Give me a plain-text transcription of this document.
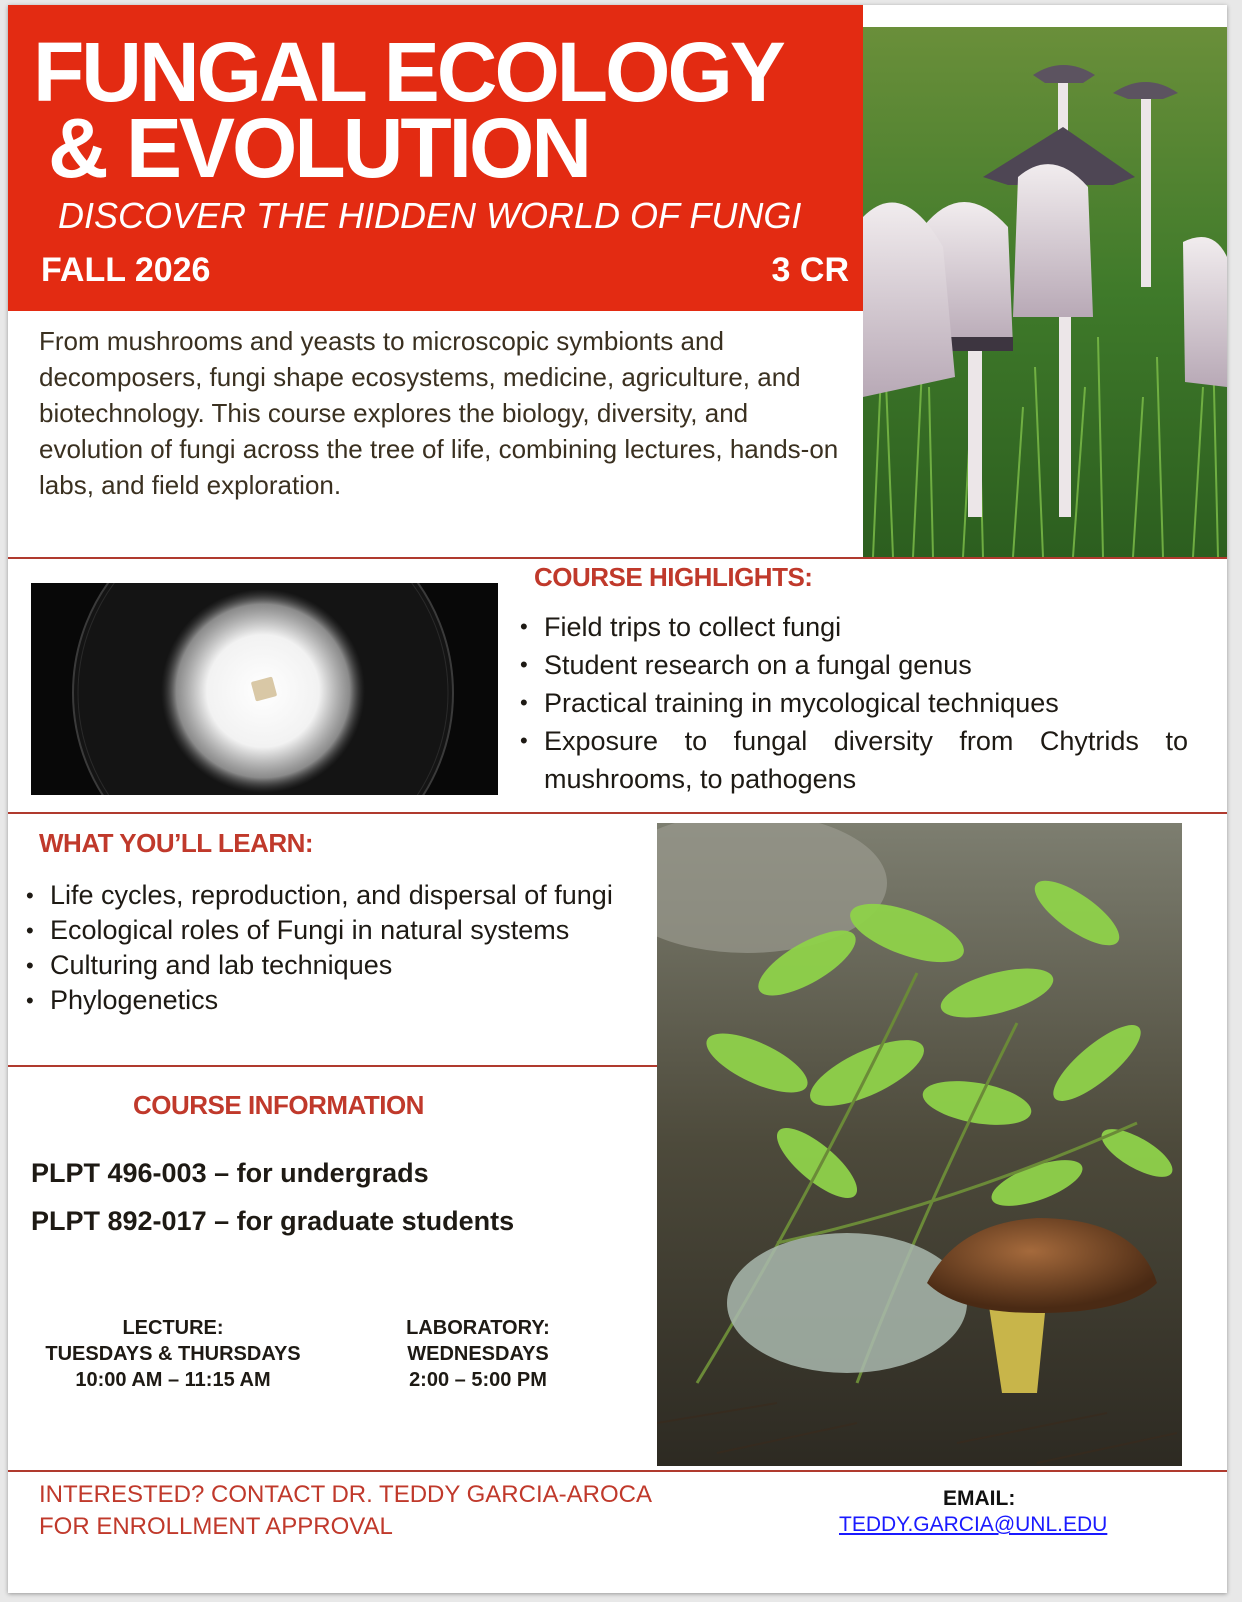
FUNGAL ECOLOGY
& EVOLUTION
DISCOVER THE HIDDEN WORLD OF FUNGI
FALL 2026	3 CR
From mushrooms and yeasts to microscopic symbionts and decomposers, fungi shape ecosystems, medicine, agriculture, and biotechnology. This course explores the biology, diversity, and evolution of fungi across the tree of life, combining lectures, hands-on labs, and field exploration.
COURSE HIGHLIGHTS:
• Field trips to collect fungi
• Student research on a fungal genus
• Practical training in mycological techniques
• Exposure to fungal diversity from Chytrids to mushrooms, to pathogens
WHAT YOU’LL LEARN:
• Life cycles, reproduction, and dispersal of fungi
• Ecological roles of Fungi in natural systems
• Culturing and lab techniques
• Phylogenetics
COURSE INFORMATION
PLPT 496-003 – for undergrads
PLPT 892-017 – for graduate students
LECTURE:
TUESDAYS & THURSDAYS
10:00 AM – 11:15 AM
LABORATORY:
WEDNESDAYS
2:00 – 5:00 PM
INTERESTED? CONTACT DR. TEDDY GARCIA-AROCA
FOR ENROLLMENT APPROVAL
EMAIL:
TEDDY.GARCIA@UNL.EDU
